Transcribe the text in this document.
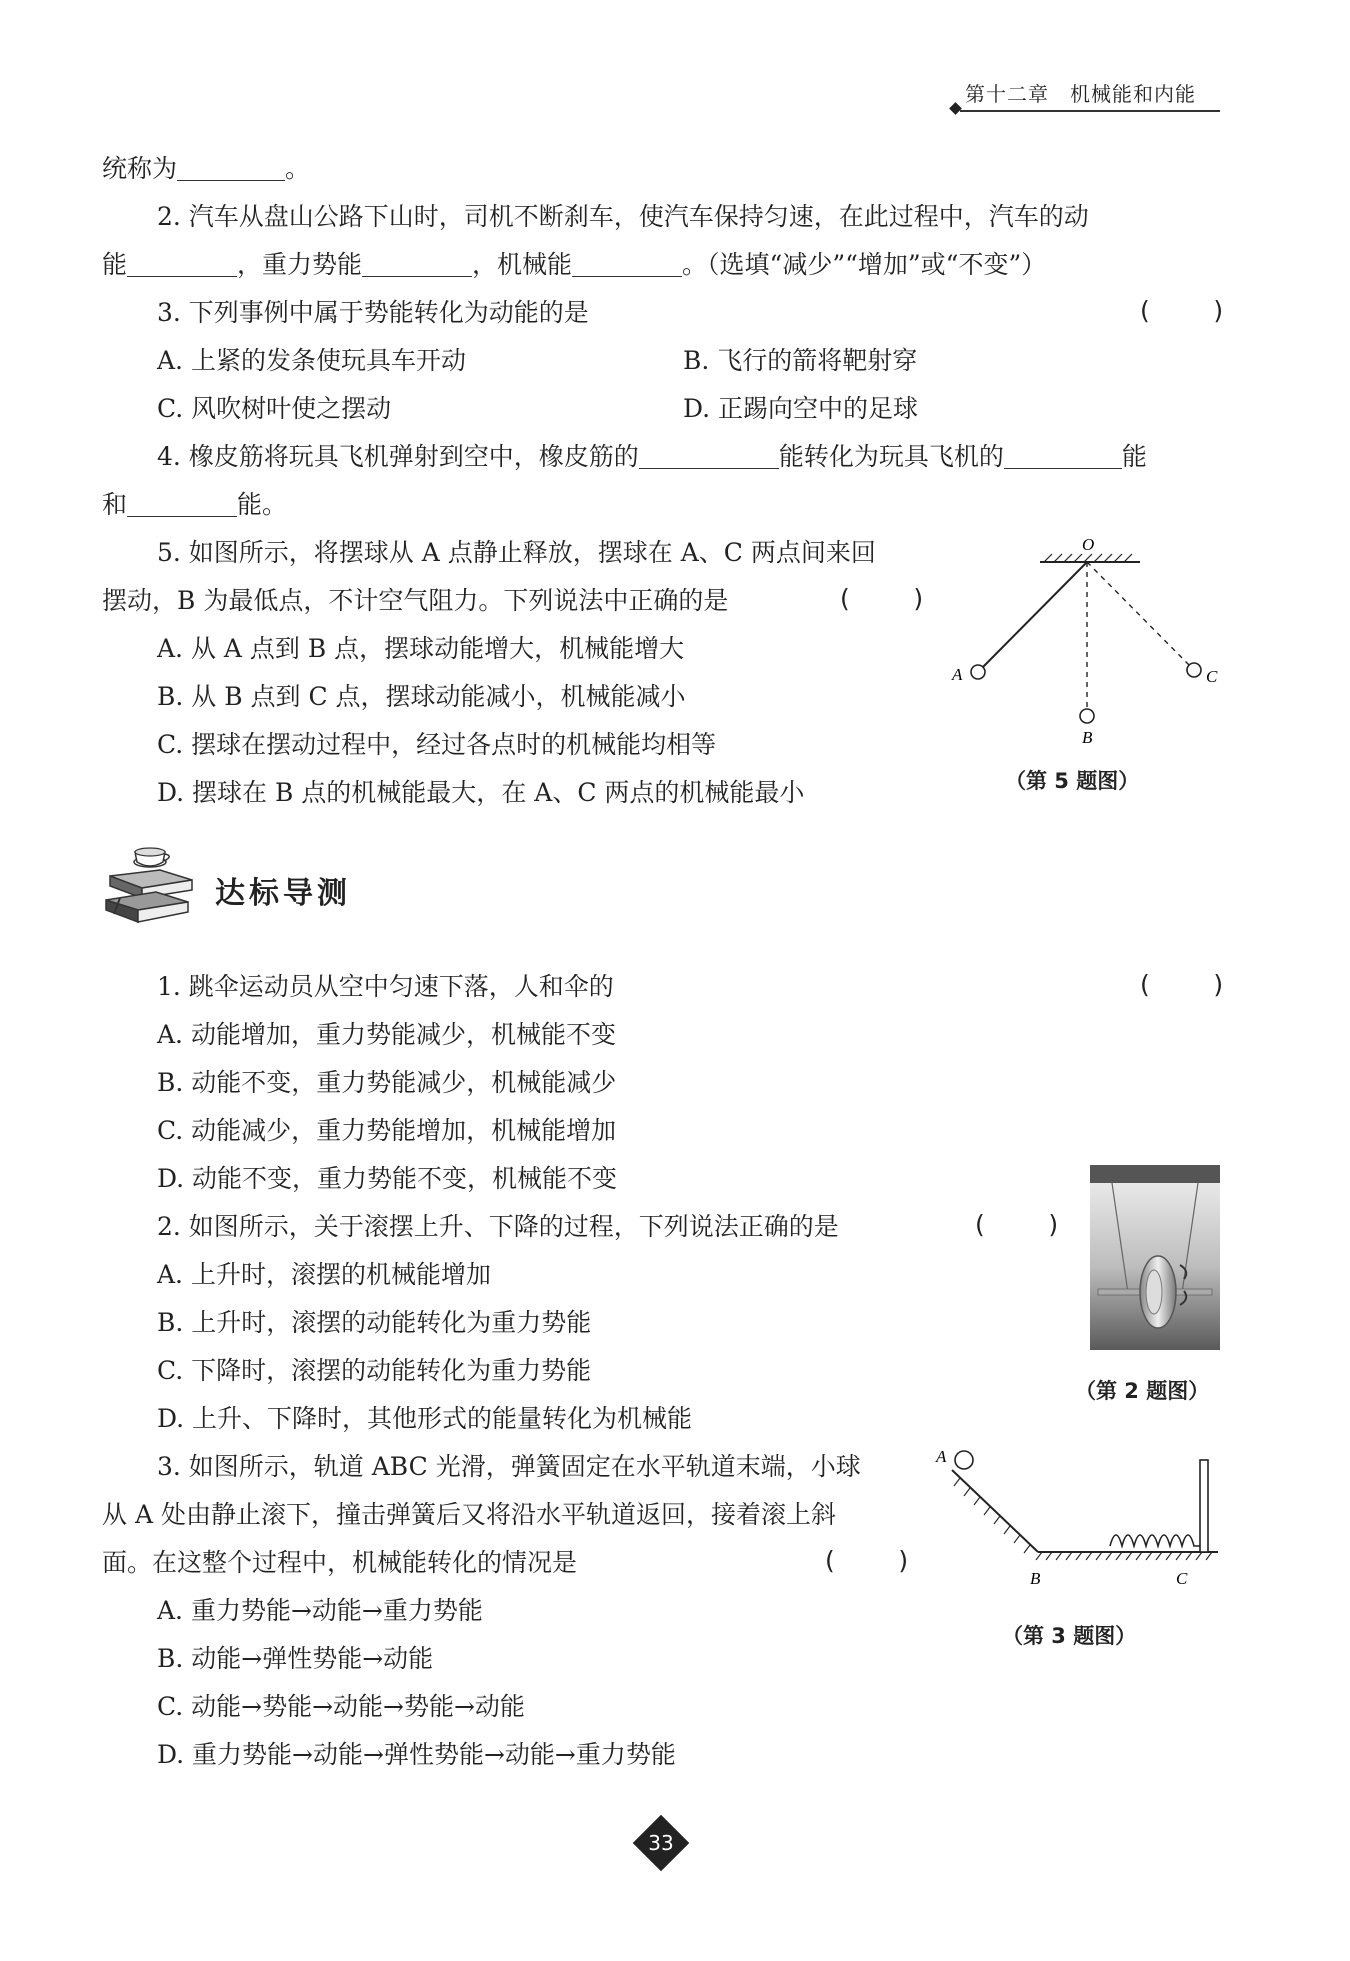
第十二章　 机械能和内能
统称为	。
2. 汽车从盘山公路下山时，司机不断刹车，使汽车保持匀速，在此过程中，汽车的动
能	，重力势能	，机械能	。（选填“减少”“增加”或“不变”）
3. 下列事例中属于势能转化为动能的是	(        )
A. 上紧的发条使玩具车开动	B. 飞行的箭将靶射穿
C. 风吹树叶使之摆动	D. 正踢向空中的足球
4. 橡皮筋将玩具飞机弹射到空中，橡皮筋的	能转化为玩具飞机的	能
和	能。
5. 如图所示，将摆球从 A 点静止释放，摆球在 A、C 两点间来回
摆动，B 为最低点，不计空气阻力。下列说法中正确的是	(        )
A. 从 A 点到 B 点，摆球动能增大，机械能增大
B. 从 B 点到 C 点，摆球动能减小，机械能减小
C. 摆球在摆动过程中，经过各点时的机械能均相等
D. 摆球在 B 点的机械能最大，在 A、C 两点的机械能最小
O
A
B
C
（第 5 题图）
达标导测
1. 跳伞运动员从空中匀速下落，人和伞的	(        )
A. 动能增加，重力势能减少，机械能不变
B. 动能不变，重力势能减少，机械能减少
C. 动能减少，重力势能增加，机械能增加
D. 动能不变，重力势能不变，机械能不变
2. 如图所示，关于滚摆上升、下降的过程，下列说法正确的是	(        )
A. 上升时，滚摆的机械能增加
B. 上升时，滚摆的动能转化为重力势能
C. 下降时，滚摆的动能转化为重力势能
D. 上升、下降时，其他形式的能量转化为机械能
（第 2 题图）
3. 如图所示，轨道 ABC 光滑，弹簧固定在水平轨道末端，小球
从 A 处由静止滚下，撞击弹簧后又将沿水平轨道返回，接着滚上斜
面。在这整个过程中，机械能转化的情况是	(        )
A. 重力势能→动能→重力势能
B. 动能→弹性势能→动能
C. 动能→势能→动能→势能→动能
D. 重力势能→动能→弹性势能→动能→重力势能
A
B	C
（第 3 题图）
33
